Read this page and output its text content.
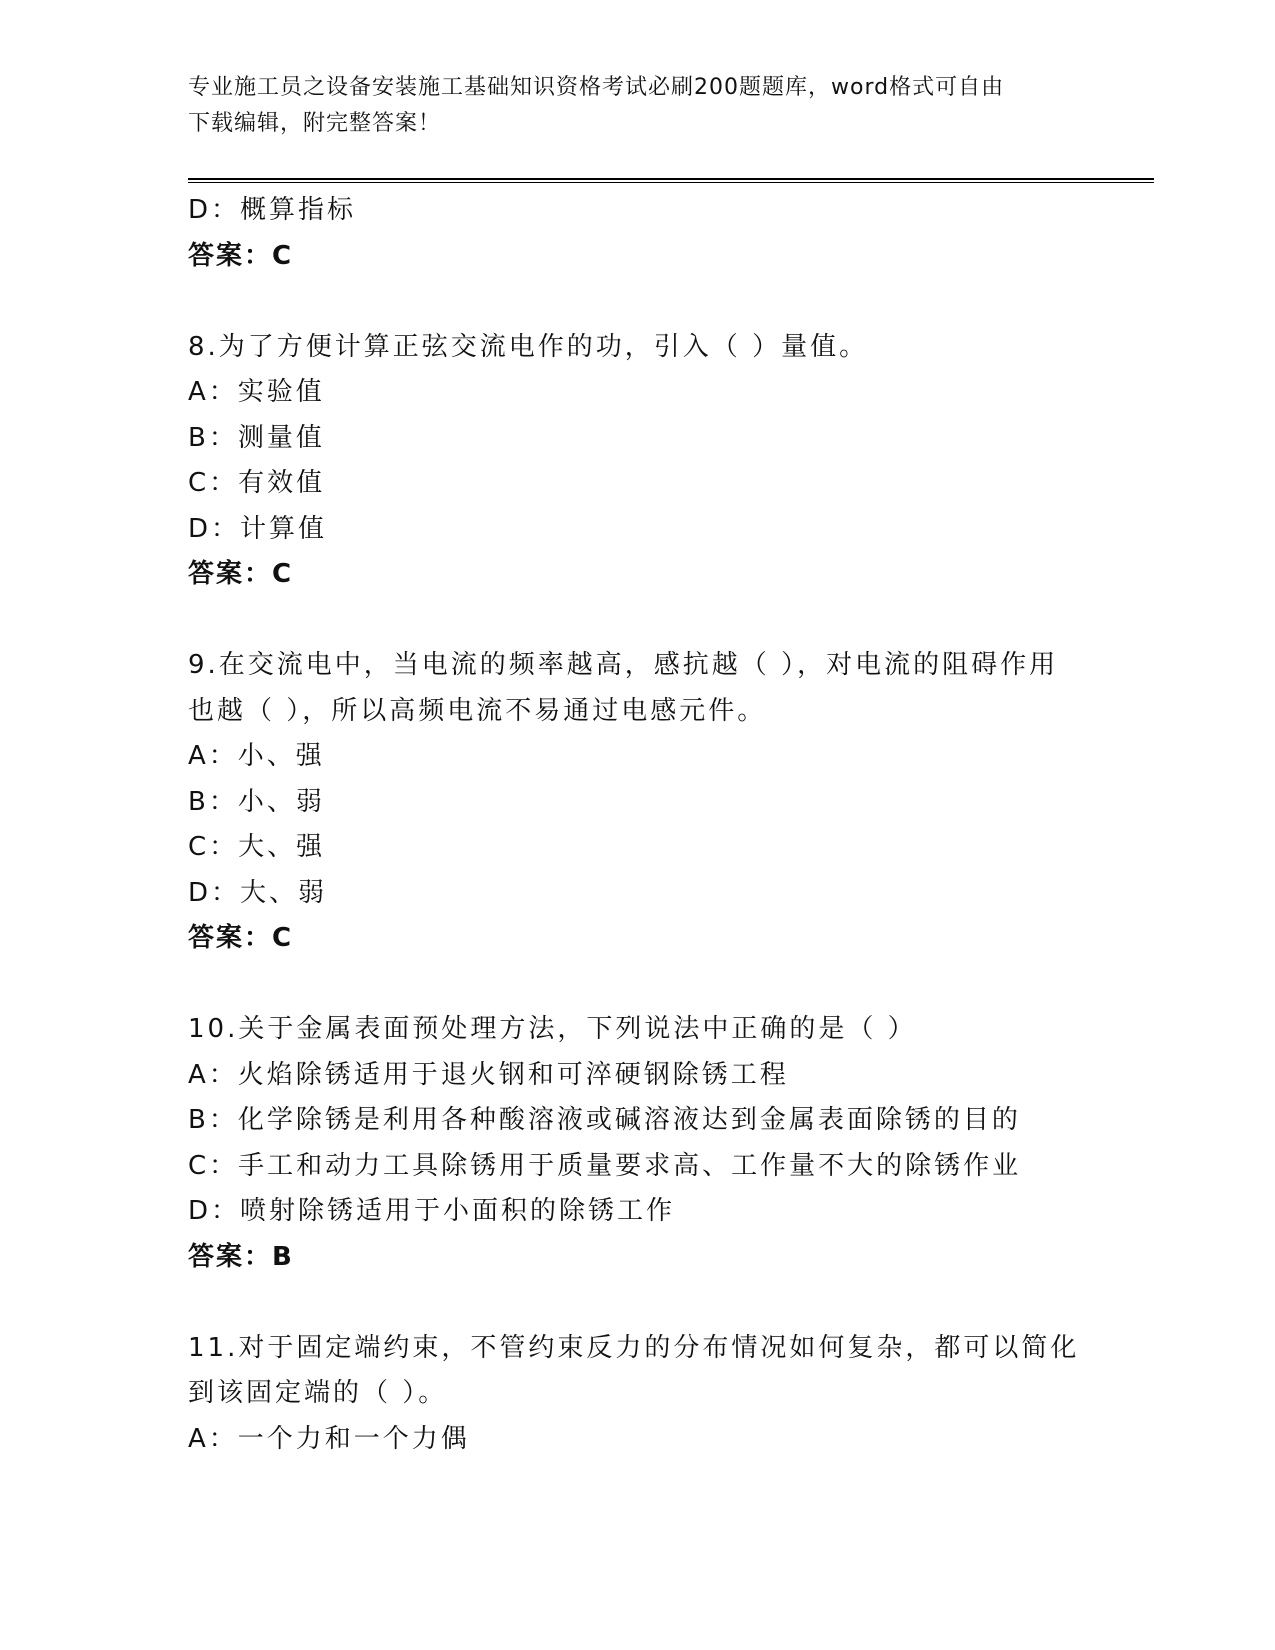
专业施工员之设备安装施工基础知识资格考试必刷200题题库，word格式可自由
下载编辑，附完整答案！
D：概算指标
答案：C
8.为了方便计算正弦交流电作的功，引入（ ）量值。
A：实验值
B：测量值
C：有效值
D：计算值
答案：C
9.在交流电中，当电流的频率越高，感抗越（ ），对电流的阻碍作用
也越（ ），所以高频电流不易通过电感元件。
A：小、强
B：小、弱
C：大、强
D：大、弱
答案：C
10.关于金属表面预处理方法，下列说法中正确的是（ ）
A：火焰除锈适用于退火钢和可淬硬钢除锈工程
B：化学除锈是利用各种酸溶液或碱溶液达到金属表面除锈的目的
C：手工和动力工具除锈用于质量要求高、工作量不大的除锈作业
D：喷射除锈适用于小面积的除锈工作
答案：B
11.对于固定端约束，不管约束反力的分布情况如何复杂，都可以简化
到该固定端的（ ）。
A：一个力和一个力偶
